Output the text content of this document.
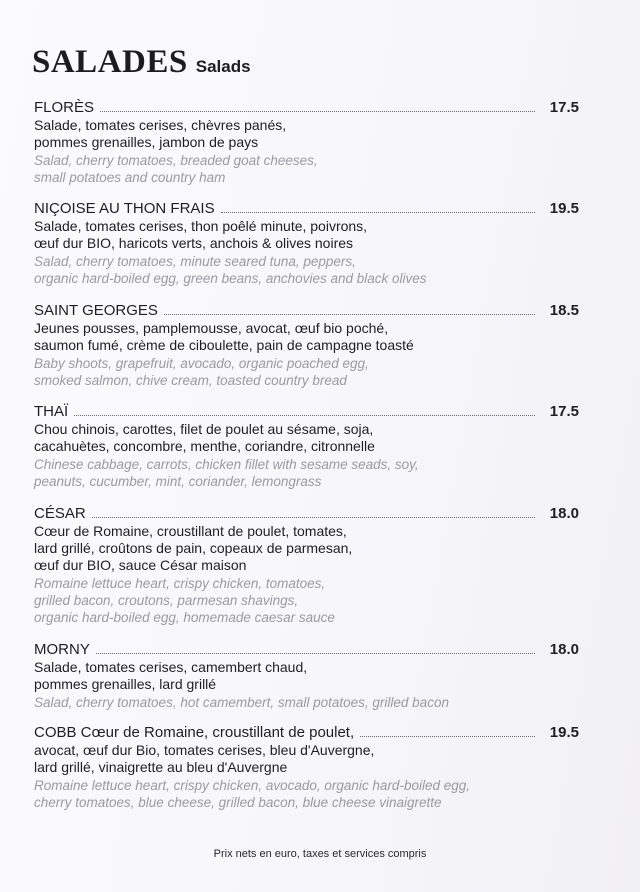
SALADES Salads
FLORÈS	17.5
Salade, tomates cerises, chèvres panés,
pommes grenailles, jambon de pays
Salad, cherry tomatoes, breaded goat cheeses,
small potatoes and country ham
NIÇOISE AU THON FRAIS	19.5
Salade, tomates cerises, thon poêlé minute, poivrons,
œuf dur BIO, haricots verts, anchois & olives noires
Salad, cherry tomatoes, minute seared tuna, peppers,
organic hard-boiled egg, green beans, anchovies and black olives
SAINT GEORGES	18.5
Jeunes pousses, pamplemousse, avocat, œuf bio poché,
saumon fumé, crème de ciboulette, pain de campagne toasté
Baby shoots, grapefruit, avocado, organic poached egg,
smoked salmon, chive cream, toasted country bread
THAÏ	17.5
Chou chinois, carottes, filet de poulet au sésame, soja,
cacahuètes, concombre, menthe, coriandre, citronnelle
Chinese cabbage, carrots, chicken fillet with sesame seads, soy,
peanuts, cucumber, mint, coriander, lemongrass
CÉSAR	18.0
Cœur de Romaine, croustillant de poulet, tomates,
lard grillé, croûtons de pain, copeaux de parmesan,
œuf dur BIO, sauce César maison
Romaine lettuce heart, crispy chicken, tomatoes,
grilled bacon, croutons, parmesan shavings,
organic hard-boiled egg, homemade caesar sauce
MORNY	18.0
Salade, tomates cerises, camembert chaud,
pommes grenailles, lard grillé
Salad, cherry tomatoes, hot camembert, small potatoes, grilled bacon
COBB Cœur de Romaine, croustillant de poulet,	19.5
avocat, œuf dur Bio, tomates cerises, bleu d'Auvergne,
lard grillé, vinaigrette au bleu d'Auvergne
Romaine lettuce heart, crispy chicken, avocado, organic hard-boiled egg,
cherry tomatoes, blue cheese, grilled bacon, blue cheese vinaigrette
Prix nets en euro, taxes et services compris
